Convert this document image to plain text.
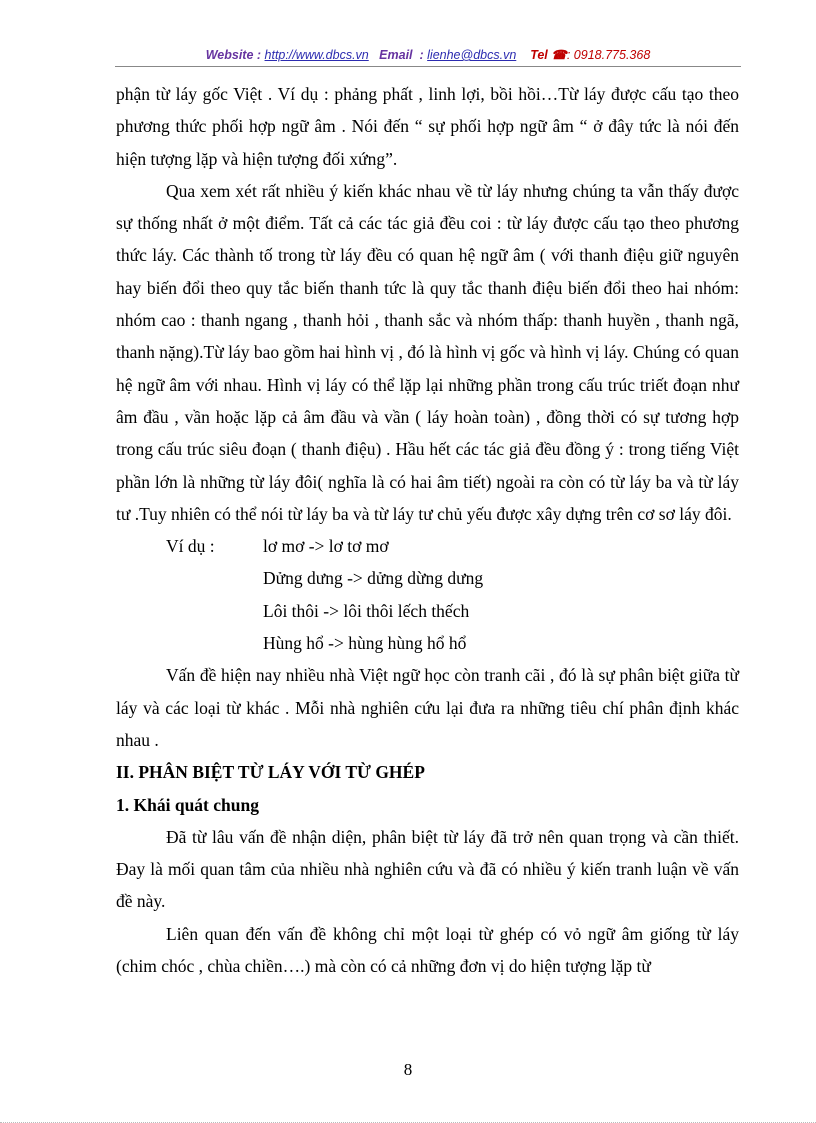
Website : http://www.dbcs.vn Email : lienhe@dbcs.vn Tel ☎: 0918.775.368

phận từ láy gốc Việt . Ví dụ : phảng phất , linh lợi, bồi hồi…Từ láy được cấu tạo theo phương thức phối hợp ngữ âm . Nói đến “ sự phối hợp ngữ âm “ ở đây tức là nói đến hiện tượng lặp và hiện tượng đối xứng”.

Qua xem xét rất nhiều ý kiến khác nhau về từ láy nhưng chúng ta vẫn thấy được sự thống nhất ở một điểm. Tất cả các tác giả đều coi : từ láy được cấu tạo theo phương thức láy. Các thành tố trong từ láy đều có quan hệ ngữ âm ( với thanh điệu giữ nguyên hay biến đổi theo quy tắc biến thanh tức là quy tắc thanh điệu biến đổi theo hai nhóm: nhóm cao : thanh ngang , thanh hỏi , thanh sắc và nhóm thấp: thanh huyền , thanh ngã, thanh nặng).Từ láy bao gồm hai hình vị , đó là hình vị gốc và hình vị láy. Chúng có quan hệ ngữ âm với nhau. Hình vị láy có thể lặp lại những phần trong cấu trúc triết đoạn như âm đầu , vần hoặc lặp cả âm đầu và vần ( láy hoàn toàn) , đồng thời có sự tương hợp trong cấu trúc siêu đoạn ( thanh điệu) . Hầu hết các tác giả đều đồng ý : trong tiếng Việt phần lớn là những từ láy đôi( nghĩa là có hai âm tiết) ngoài ra còn có từ láy ba và từ láy tư .Tuy nhiên có thể nói từ láy ba và từ láy tư chủ yếu được xây dựng trên cơ sơ láy đôi.

Ví dụ :	lơ mơ -> lơ tơ mơ

Dửng dưng -> dửng dừng dưng

Lôi thôi -> lôi thôi lếch thếch

Hùng hổ -> hùng hùng hổ hổ

Vấn đề hiện nay nhiều nhà Việt ngữ học còn tranh cãi , đó là sự phân biệt giữa từ láy và các loại từ khác . Mỗi nhà nghiên cứu lại đưa ra những tiêu chí phân định khác nhau .

II. PHÂN BIỆT TỪ LÁY VỚI TỪ GHÉP

1. Khái quát chung

Đã từ lâu vấn đề nhận diện, phân biệt từ láy đã trở nên quan trọng và cần thiết. Đay là mối quan tâm của nhiều nhà nghiên cứu và đã có nhiều ý kiến tranh luận về vấn đề này.

Liên quan đến vấn đề không chỉ một loại từ ghép có vỏ ngữ âm giống từ láy (chim chóc , chùa chiền….) mà còn có cả những đơn vị do hiện tượng lặp từ

8
